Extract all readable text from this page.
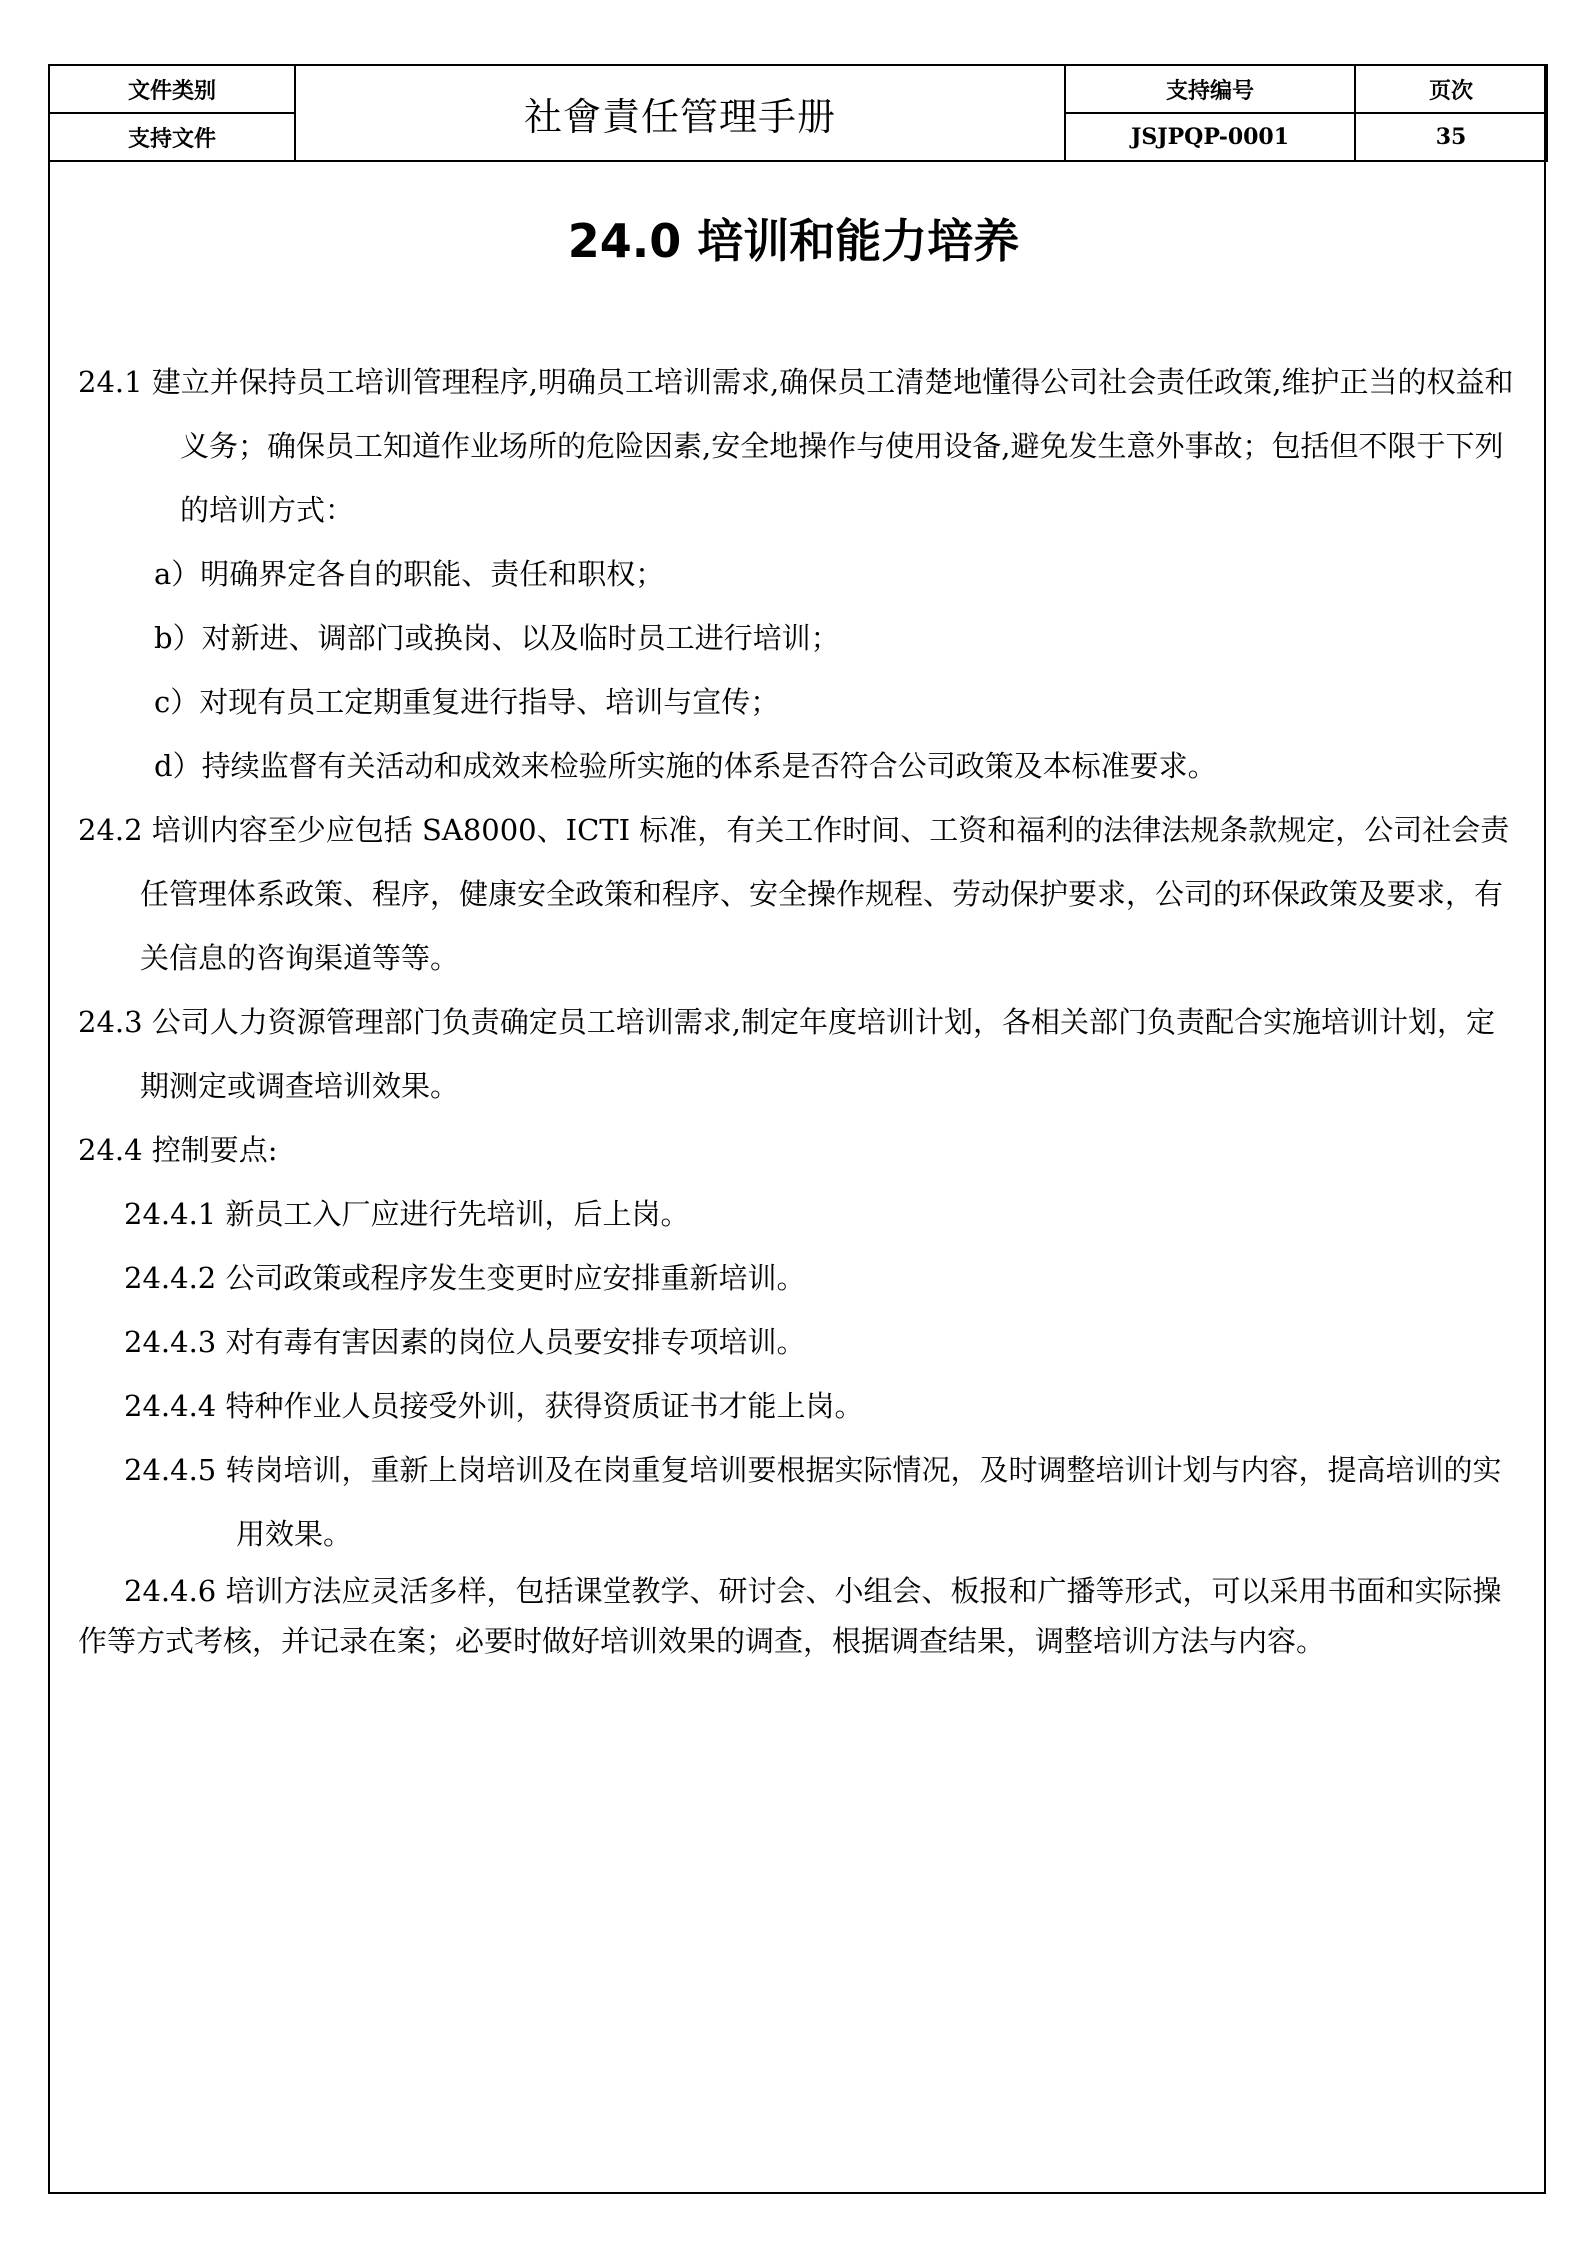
文件类别	社會責任管理手册	支持编号	页次
支持文件		JSJPQP-0001	35
24.0 培训和能力培养

24.1 建立并保持员工培训管理程序,明确员工培训需求,确保员工清楚地懂得公司社会责任政策,维护正当的权益和义务；确保员工知道作业场所的危险因素,安全地操作与使用设备,避免发生意外事故；包括但不限于下列的培训方式：

a）明确界定各自的职能、责任和职权；

b）对新进、调部门或换岗、以及临时员工进行培训；

c）对现有员工定期重复进行指导、培训与宣传；

d）持续监督有关活动和成效来检验所实施的体系是否符合公司政策及本标准要求。

24.2 培训内容至少应包括 SA8000、ICTI 标准，有关工作时间、工资和福利的法律法规条款规定，公司社会责任管理体系政策、程序，健康安全政策和程序、安全操作规程、劳动保护要求，公司的环保政策及要求，有关信息的咨询渠道等等。

24.3 公司人力资源管理部门负责确定员工培训需求,制定年度培训计划，各相关部门负责配合实施培训计划，定期测定或调查培训效果。

24.4 控制要点:

24.4.1 新员工入厂应进行先培训，后上岗。

24.4.2 公司政策或程序发生变更时应安排重新培训。

24.4.3 对有毒有害因素的岗位人员要安排专项培训。

24.4.4 特种作业人员接受外训，获得资质证书才能上岗。

24.4.5 转岗培训，重新上岗培训及在岗重复培训要根据实际情况，及时调整培训计划与内容，提高培训的实用效果。

24.4.6 培训方法应灵活多样，包括课堂教学、研讨会、小组会、板报和广播等形式，可以采用书面和实际操作等方式考核，并记录在案；必要时做好培训效果的调查，根据调查结果，调整培训方法与内容。
